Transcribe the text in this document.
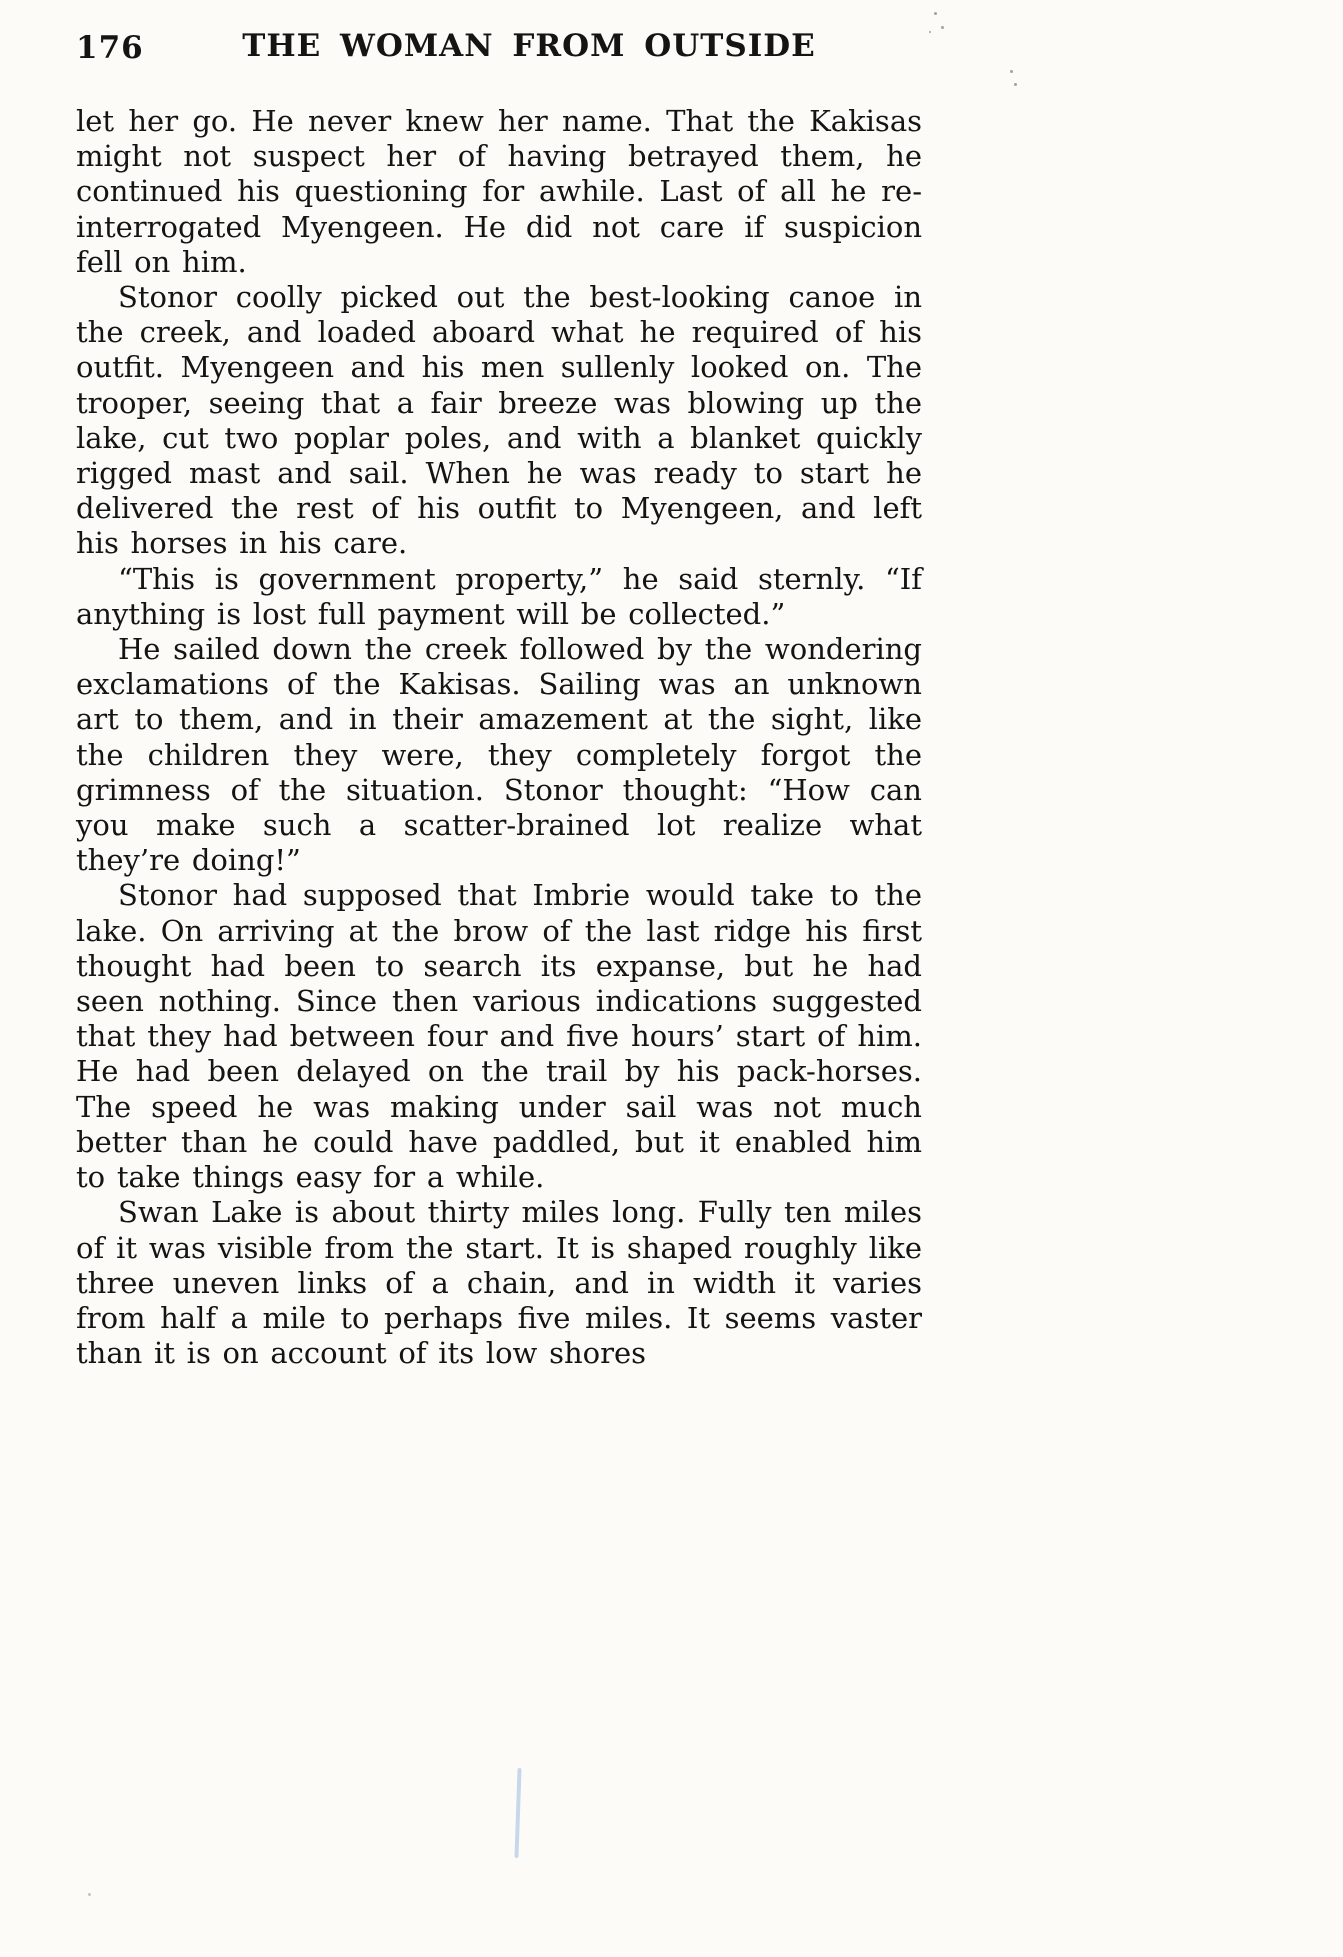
176	THE WOMAN FROM OUTSIDE

let her go. He never knew her name. That the Kakisas might not suspect her of having betrayed them, he continued his questioning for awhile. Last of all he re-interrogated Myengeen. He did not care if suspicion fell on him.

Stonor coolly picked out the best-looking canoe in the creek, and loaded aboard what he required of his outfit. Myengeen and his men sullenly looked on. The trooper, seeing that a fair breeze was blowing up the lake, cut two poplar poles, and with a blanket quickly rigged mast and sail. When he was ready to start he delivered the rest of his outfit to Myengeen, and left his horses in his care.

“This is government property,” he said sternly. “If anything is lost full payment will be collected.”

He sailed down the creek followed by the wondering exclamations of the Kakisas. Sailing was an unknown art to them, and in their amazement at the sight, like the children they were, they completely forgot the grimness of the situation. Stonor thought: “How can you make such a scatter-brained lot realize what they’re doing!”

Stonor had supposed that Imbrie would take to the lake. On arriving at the brow of the last ridge his first thought had been to search its expanse, but he had seen nothing. Since then various indications suggested that they had between four and five hours’ start of him. He had been delayed on the trail by his pack-horses. The speed he was making under sail was not much better than he could have paddled, but it enabled him to take things easy for a while.

Swan Lake is about thirty miles long. Fully ten miles of it was visible from the start. It is shaped roughly like three uneven links of a chain, and in width it varies from half a mile to perhaps five miles. It seems vaster than it is on account of its low shores
